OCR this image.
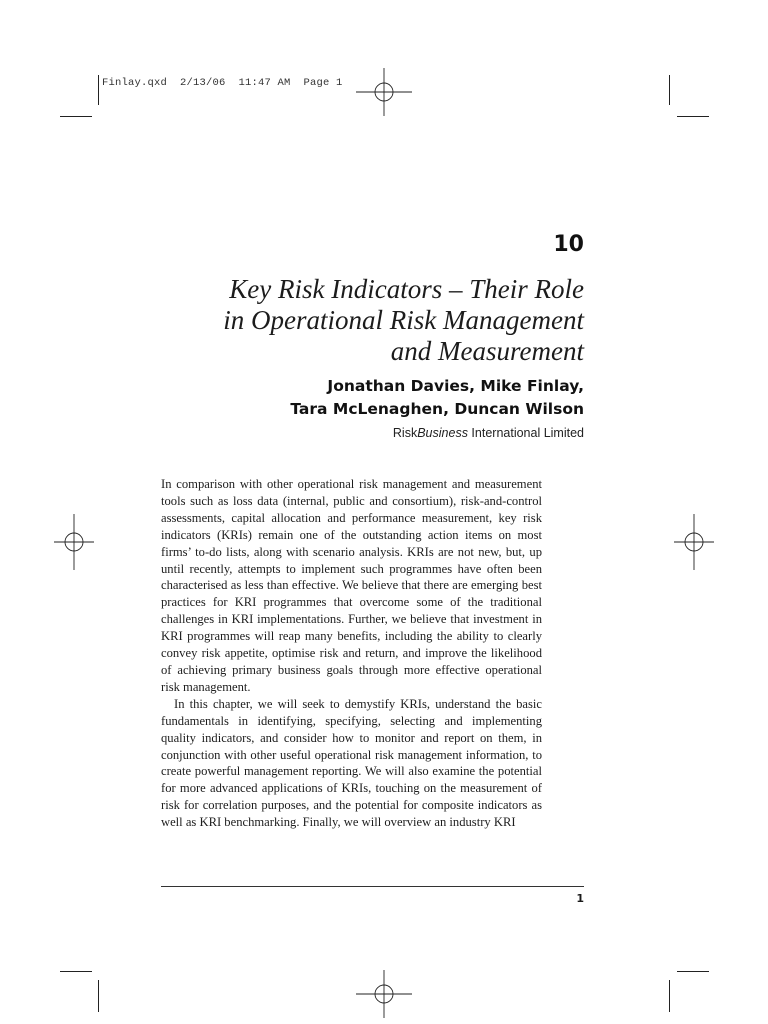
Finlay.qxd  2/13/06  11:47 AM  Page 1
10
Key Risk Indicators – Their Role
in Operational Risk Management
and Measurement
Jonathan Davies, Mike Finlay,
Tara McLenaghen, Duncan Wilson
RiskBusiness International Limited

In comparison with other operational risk management and measurement tools such as loss data (internal, public and consortium), risk-and-control assessments, capital allocation and performance measurement, key risk indicators (KRIs) remain one of the outstanding action items on most firms’ to-do lists, along with scenario analysis. KRIs are not new, but, up until recently, attempts to implement such programmes have often been characterised as less than effective. We believe that there are emerging best practices for KRI programmes that overcome some of the traditional challenges in KRI implementations. Further, we believe that investment in KRI programmes will reap many benefits, including the ability to clearly convey risk appetite, optimise risk and return, and improve the likelihood of achieving primary business goals through more effective operational risk management.

In this chapter, we will seek to demystify KRIs, understand the basic fundamentals in identifying, specifying, selecting and implementing quality indicators, and consider how to monitor and report on them, in conjunction with other useful operational risk management information, to create powerful management reporting. We will also examine the potential for more advanced applications of KRIs, touching on the measurement of risk for correlation purposes, and the potential for composite indicators as well as KRI benchmarking. Finally, we will overview an industry KRI

1
